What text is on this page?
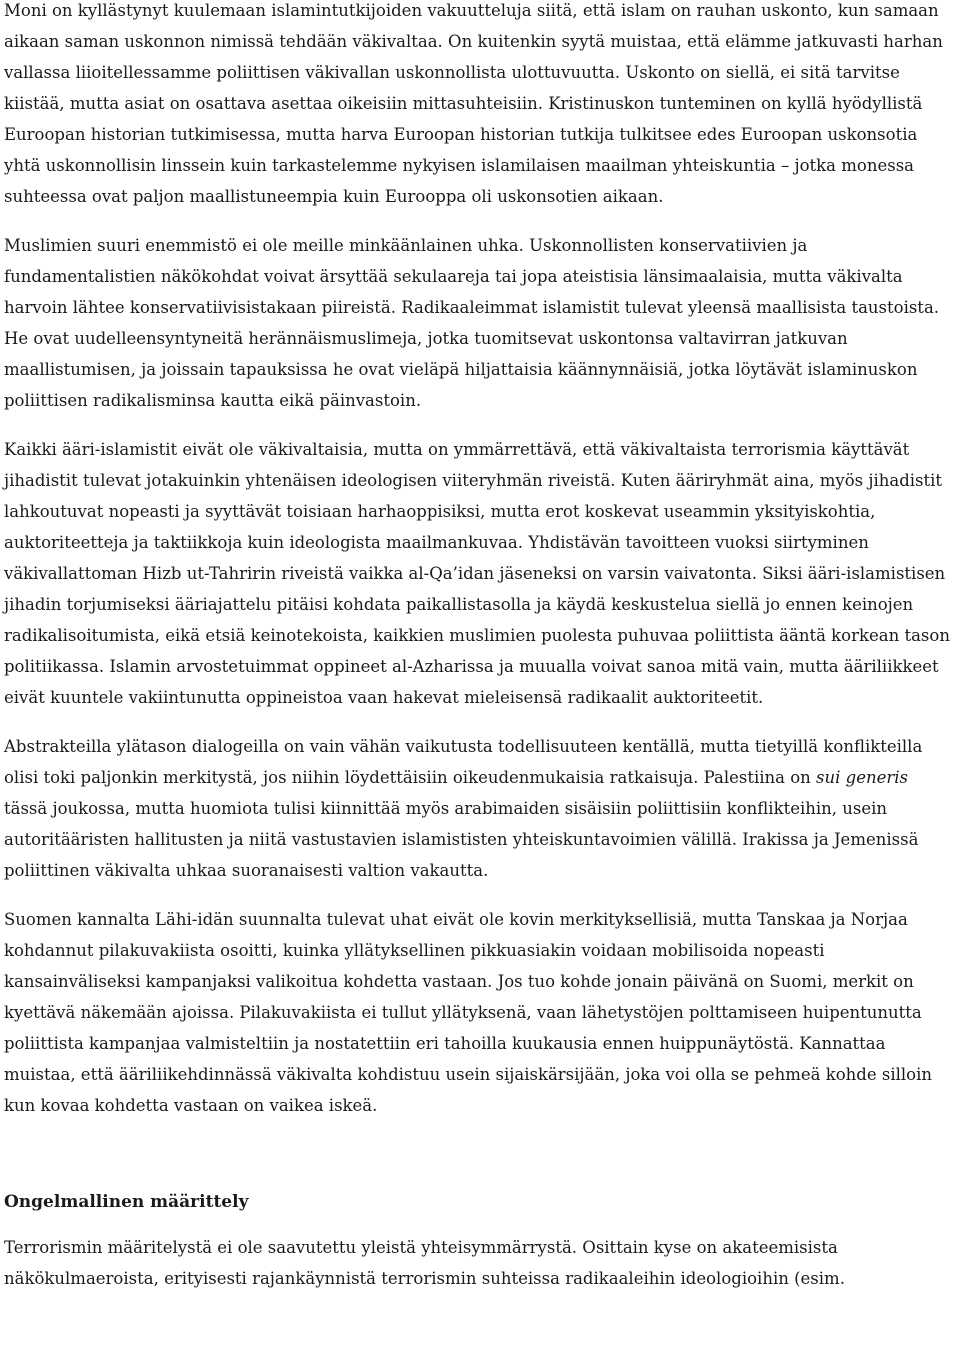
Moni on kyllästynyt kuulemaan islamintutkijoiden vakuutteluja siitä, että islam on rauhan uskonto, kun samaan aikaan saman uskonnon nimissä tehdään väkivaltaa. On kuitenkin syytä muistaa, että elämme jatkuvasti harhan vallassa liioitellessamme poliittisen väkivallan uskonnollista ulottuvuutta. Uskonto on siellä, ei sitä tarvitse kiistää, mutta asiat on osattava asettaa oikeisiin mittasuhteisiin. Kristinuskon tunteminen on kyllä hyödyllistä Euroopan historian tutkimisessa, mutta harva Euroopan historian tutkija tulkitsee edes Euroopan uskonsotia yhtä uskonnollisin linssein kuin tarkastelemme nykyisen islamilaisen maailman yhteiskuntia – jotka monessa suhteessa ovat paljon maallistuneempia kuin Eurooppa oli uskonsotien aikaan.

Muslimien suuri enemmistö ei ole meille minkäänlainen uhka. Uskonnollisten konservatiivien ja fundamentalistien näkökohdat voivat ärsyttää sekulaareja tai jopa ateistisia länsimaalaisia, mutta väkivalta harvoin lähtee konservatiivisistakaan piireistä. Radikaaleimmat islamistit tulevat yleensä maallisista taustoista. He ovat uudelleensyntyneitä herännäismuslimeja, jotka tuomitsevat uskontonsa valtavirran jatkuvan maallistumisen, ja joissain tapauksissa he ovat vieläpä hiljattaisia käännynnäisiä, jotka löytävät islaminuskon poliittisen radikalisminsa kautta eikä päinvastoin.

Kaikki ääri-islamistit eivät ole väkivaltaisia, mutta on ymmärrettävä, että väkivaltaista terrorismia käyttävät jihadistit tulevat jotakuinkin yhtenäisen ideologisen viiteryhmän riveistä. Kuten ääriryhmät aina, myös jihadistit lahkoutuvat nopeasti ja syyttävät toisiaan harhaoppisiksi, mutta erot koskevat useammin yksityiskohtia, auktoriteetteja ja taktiikkoja kuin ideologista maailmankuvaa. Yhdistävän tavoitteen vuoksi siirtyminen väkivallattoman Hizb ut-Tahririn riveistä vaikka al-Qa’idan jäseneksi on varsin vaivatonta. Siksi ääri-islamistisen jihadin torjumiseksi ääriajattelu pitäisi kohdata paikallistasolla ja käydä keskustelua siellä jo ennen keinojen radikalisoitumista, eikä etsiä keinotekoista, kaikkien muslimien puolesta puhuvaa poliittista ääntä korkean tason politiikassa. Islamin arvostetuimmat oppineet al-Azharissa ja muualla voivat sanoa mitä vain, mutta ääriliikkeet eivät kuuntele vakiintunutta oppineistoa vaan hakevat mieleisensä radikaalit auktoriteetit.

Abstrakteilla ylätason dialogeilla on vain vähän vaikutusta todellisuuteen kentällä, mutta tietyillä konflikteilla olisi toki paljonkin merkitystä, jos niihin löydettäisiin oikeudenmukaisia ratkaisuja. Palestiina on sui generis tässä joukossa, mutta huomiota tulisi kiinnittää myös arabimaiden sisäisiin poliittisiin konflikteihin, usein autoritääristen hallitusten ja niitä vastustavien islamististen yhteiskuntavoimien välillä. Irakissa ja Jemenissä poliittinen väkivalta uhkaa suoranaisesti valtion vakautta.

Suomen kannalta Lähi-idän suunnalta tulevat uhat eivät ole kovin merkityksellisiä, mutta Tanskaa ja Norjaa kohdannut pilakuvakiista osoitti, kuinka yllätyksellinen pikkuasiakin voidaan mobilisoida nopeasti kansainväliseksi kampanjaksi valikoitua kohdetta vastaan. Jos tuo kohde jonain päivänä on Suomi, merkit on kyettävä näkemään ajoissa. Pilakuvakiista ei tullut yllätyksenä, vaan lähetystöjen polttamiseen huipentunutta poliittista kampanjaa valmisteltiin ja nostatettiin eri tahoilla kuukausia ennen huippunäytöstä. Kannattaa muistaa, että ääriliikehdinnässä väkivalta kohdistuu usein sijaiskärsijään, joka voi olla se pehmeä kohde silloin kun kovaa kohdetta vastaan on vaikea iskeä.

Ongelmallinen määrittely

Terrorismin määritelystä ei ole saavutettu yleistä yhteisymmärrystä. Osittain kyse on akateemisista näkökulmaeroista, erityisesti rajankäynnistä terrorismin suhteissa radikaaleihin ideologioihin (esim.
